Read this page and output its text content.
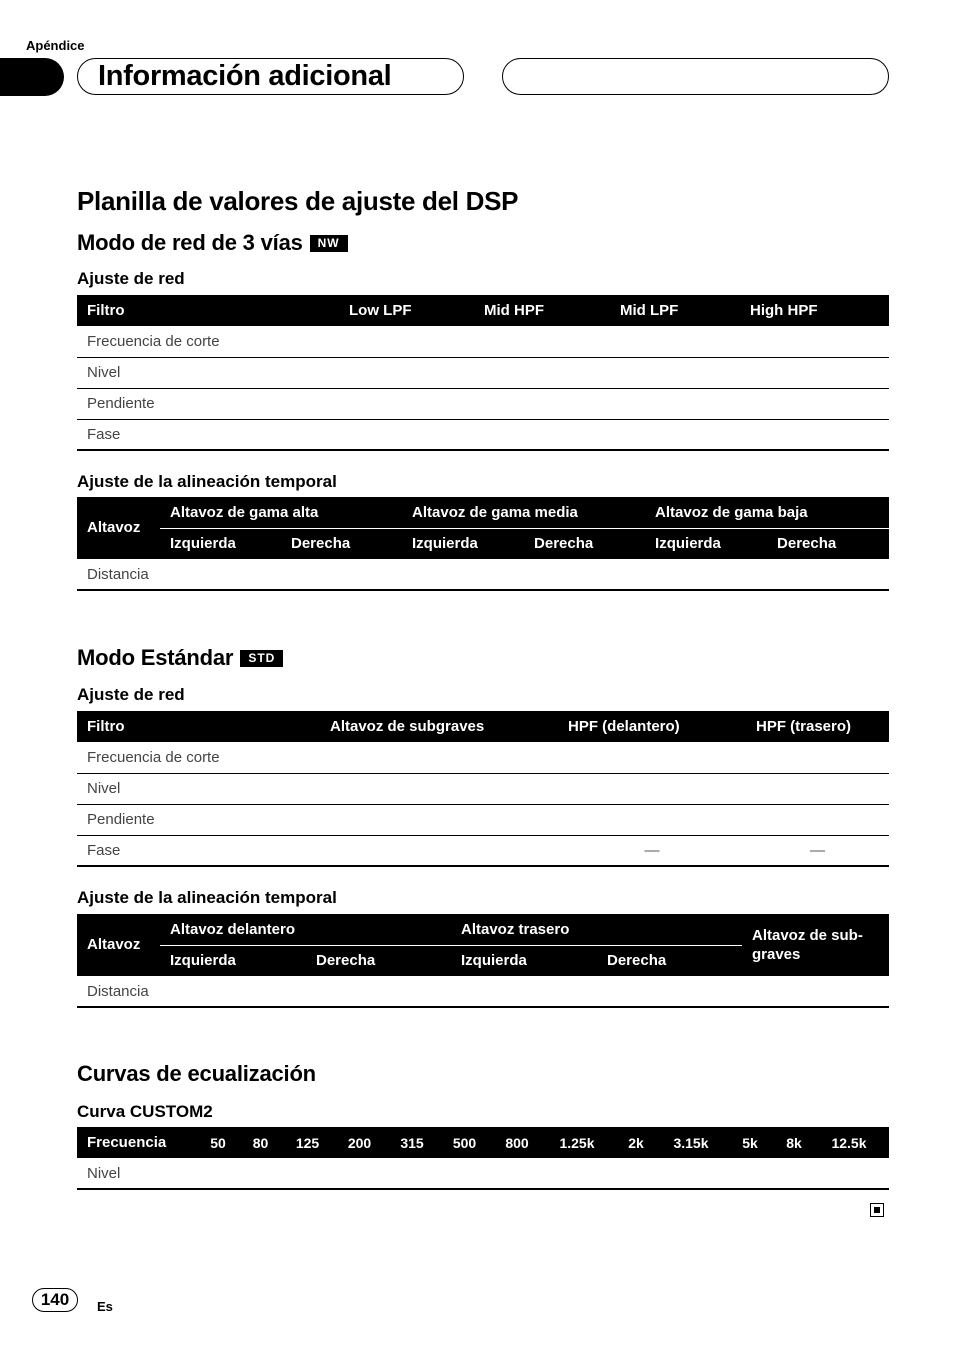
Apéndice
Información adicional
Planilla de valores de ajuste del DSP
Modo de red de 3 vías	NW
Ajuste de red
Filtro	Low LPF	Mid HPF	Mid LPF	High HPF
Frecuencia de corte				
Nivel				
Pendiente				
Fase				
Ajuste de la alineación temporal
Altavoz	Altavoz de gama alta		Altavoz de gama media		Altavoz de gama baja	
	Izquierda	Derecha	Izquierda	Derecha	Izquierda	Derecha
Distancia						
Modo Estándar	STD
Ajuste de red
Filtro	Altavoz de subgraves	HPF (delantero)	HPF (trasero)
Frecuencia de corte			
Nivel			
Pendiente			
Fase		—	—
Ajuste de la alineación temporal
Altavoz	Altavoz delantero		Altavoz trasero		Altavoz de sub-graves
	Izquierda	Derecha	Izquierda	Derecha	
Distancia					
Curvas de ecualización
Curva CUSTOM2
Frecuencia	50	80	125	200	315	500	800	1.25k	2k	3.15k	5k	8k	12.5k
Nivel													
140	Es
